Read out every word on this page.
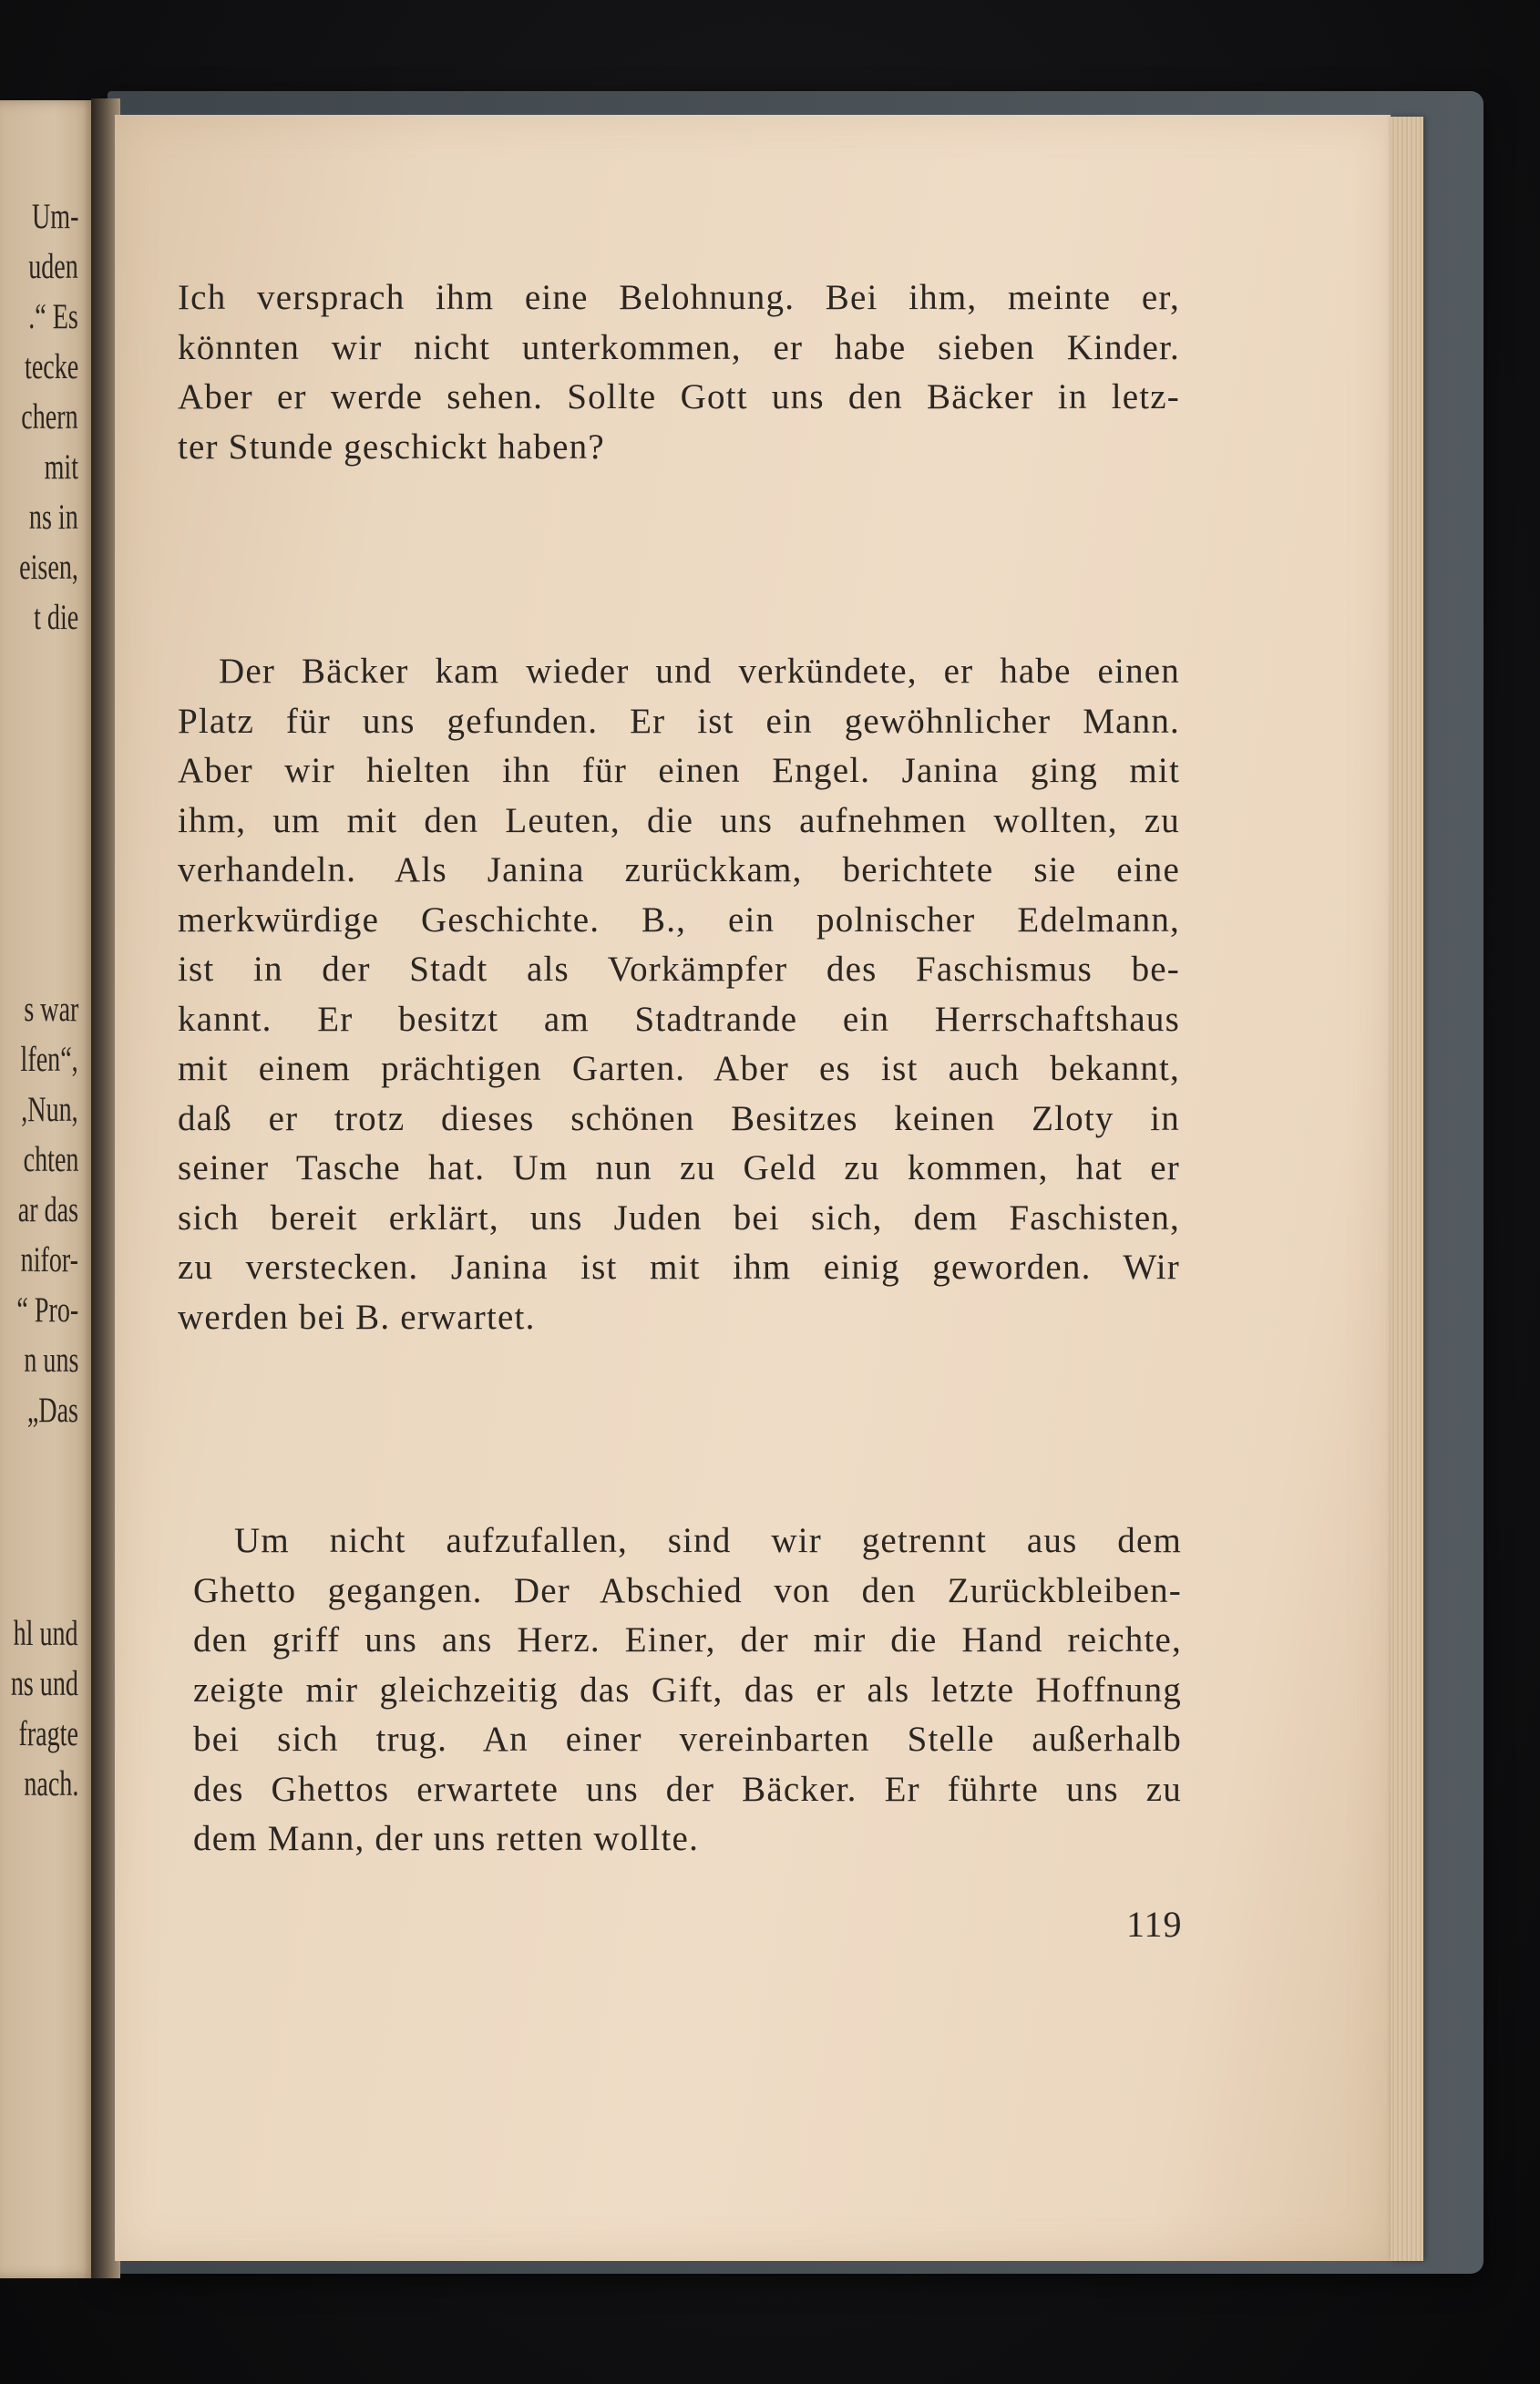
Um-
uden
.“ Es
tecke
chern
mit
ns in
eisen,
t die
s war
lfen“,
,Nun,
chten
ar das
nifor-
“ Pro-
n uns
„Das
hl und
ns und
fragte
nach.
Ich versprach ihm eine Belohnung. Bei ihm, meinte er,
könnten wir nicht unterkommen, er habe sieben Kinder.
Aber er werde sehen. Sollte Gott uns den Bäcker in letz-
ter Stunde geschickt haben?
Der Bäcker kam wieder und verkündete, er habe einen
Platz für uns gefunden. Er ist ein gewöhnlicher Mann.
Aber wir hielten ihn für einen Engel. Janina ging mit
ihm, um mit den Leuten, die uns aufnehmen wollten, zu
verhandeln. Als Janina zurückkam, berichtete sie eine
merkwürdige Geschichte. B., ein polnischer Edelmann,
ist in der Stadt als Vorkämpfer des Faschismus be-
kannt. Er besitzt am Stadtrande ein Herrschaftshaus
mit einem prächtigen Garten. Aber es ist auch bekannt,
daß er trotz dieses schönen Besitzes keinen Zloty in
seiner Tasche hat. Um nun zu Geld zu kommen, hat er
sich bereit erklärt, uns Juden bei sich, dem Faschisten,
zu verstecken. Janina ist mit ihm einig geworden. Wir
werden bei B. erwartet.
Um nicht aufzufallen, sind wir getrennt aus dem
Ghetto gegangen. Der Abschied von den Zurückbleiben-
den griff uns ans Herz. Einer, der mir die Hand reichte,
zeigte mir gleichzeitig das Gift, das er als letzte Hoffnung
bei sich trug. An einer vereinbarten Stelle außerhalb
des Ghettos erwartete uns der Bäcker. Er führte uns zu
dem Mann, der uns retten wollte.
119
